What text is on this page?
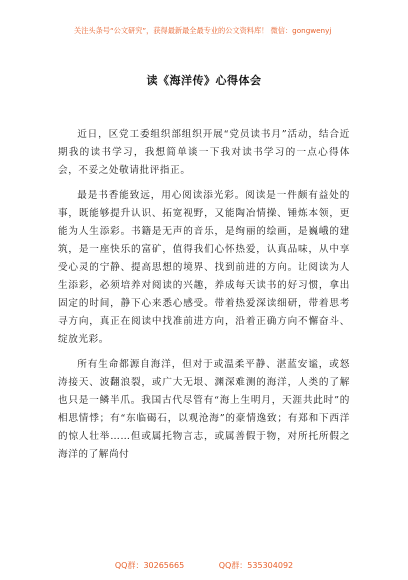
关注头条号“公文研究”，获得最新最全最专业的公文资料库！ 微信：gongwenyj
读《海洋传》心得体会

近日，区党工委组织部组织开展“党员读书月”活动，结合近期我的读书学习，我想简单谈一下我对读书学习的一点心得体会，不妥之处敬请批评指正。

最是书香能致远，用心阅读添光彩。阅读是一件颇有益处的事，既能够提升认识、拓宽视野，又能陶冶情操、锤炼本领，更能为人生添彩。书籍是无声的音乐，是绚丽的绘画，是巍峨的建筑，是一座快乐的富矿，值得我们心怀热爱，认真品味，从中享受心灵的宁静、提高思想的境界、找到前进的方向。让阅读为人生添彩，必须培养对阅读的兴趣，养成每天读书的好习惯，拿出固定的时间，静下心来悉心感受。带着热爱深读细研，带着思考寻方向，真正在阅读中找准前进方向，沿着正确方向不懈奋斗、绽放光彩。

所有生命都源自海洋，但对于或温柔平静、湛蓝安谧，或怒涛接天、波翻浪裂，或广大无垠、渊深难测的海洋，人类的了解也只是一鳞半爪。我国古代尽管有“海上生明月，天涯共此时”的相思情悸；有“东临碣石，以观沧海”的豪情逸致；有郑和下西洋的惊人壮举……但或属托物言志，或属善假于物，对所托所假之海洋的了解尚付

QQ群：30265665	QQ群：535304092
